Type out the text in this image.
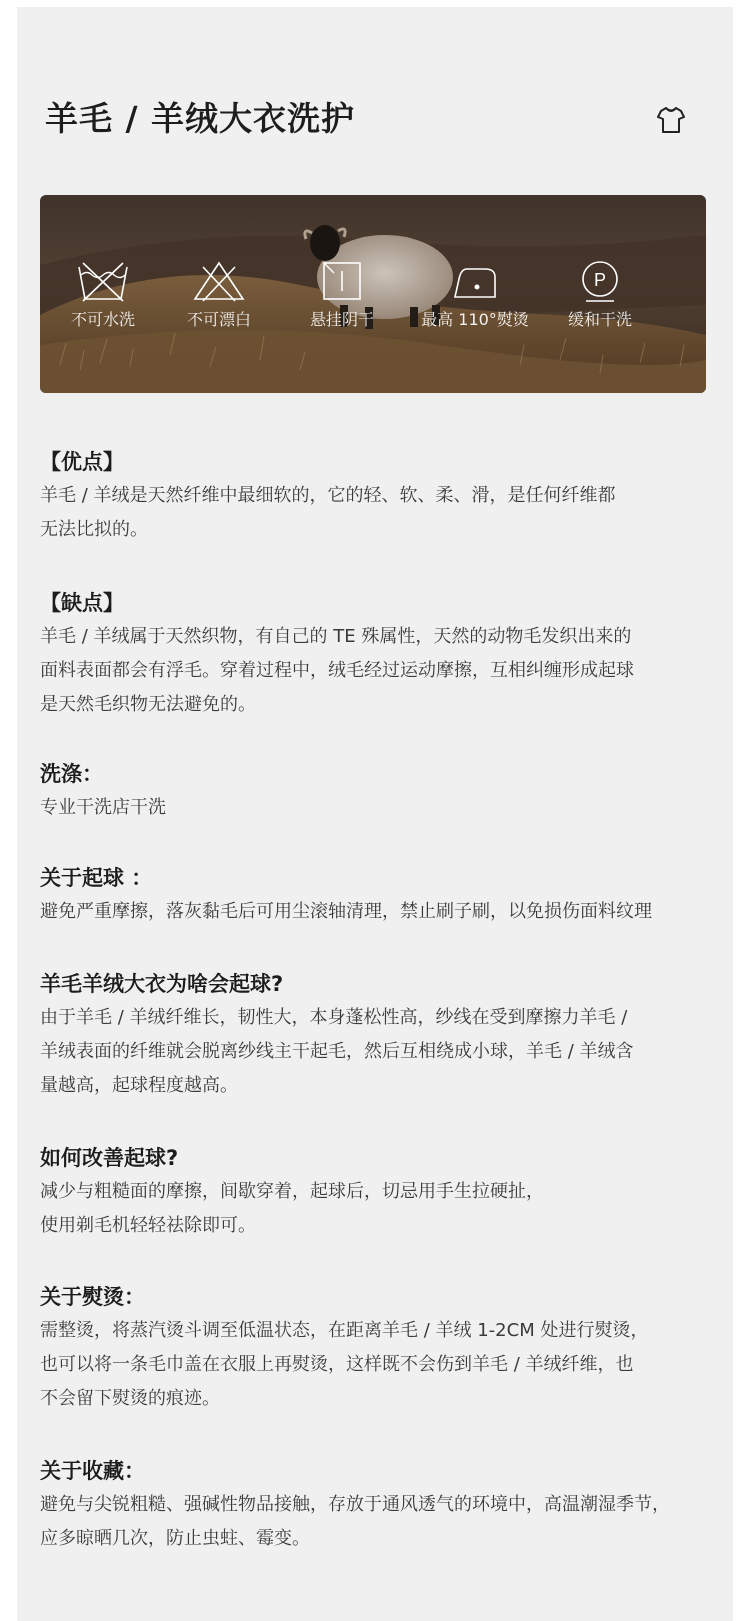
羊毛 / 羊绒大衣洗护
不可水洗	不可漂白	悬挂阴干	最高 110°熨烫
P
缓和干洗

【优点】

羊毛 / 羊绒是天然纤维中最细软的，它的轻、软、柔、滑，是任何纤维都
无法比拟的。

【缺点】

羊毛 / 羊绒属于天然织物，有自己的 TE 殊属性，天然的动物毛发织出来的
面料表面都会有浮毛。穿着过程中，绒毛经过运动摩擦，互相纠缠形成起球
是天然毛织物无法避免的。

洗涤：

专业干洗店干洗

关于起球 ：

避免严重摩擦，落灰黏毛后可用尘滚轴清理，禁止刷子刷，以免损伤面料纹理

羊毛羊绒大衣为啥会起球?

由于羊毛 / 羊绒纤维长，韧性大，本身蓬松性高，纱线在受到摩擦力羊毛 /
羊绒表面的纤维就会脱离纱线主干起毛，然后互相绕成小球，羊毛 / 羊绒含
量越高，起球程度越高。

如何改善起球?

减少与粗糙面的摩擦，间歇穿着，起球后，切忌用手生拉硬扯，
使用剃毛机轻轻祛除即可。

关于熨烫：

需整烫，将蒸汽烫斗调至低温状态，在距离羊毛 / 羊绒 1-2CM 处进行熨烫，
也可以将一条毛巾盖在衣服上再熨烫，这样既不会伤到羊毛 / 羊绒纤维，也
不会留下熨烫的痕迹。

关于收藏：

避免与尖锐粗糙、强碱性物品接触，存放于通风透气的环境中，高温潮湿季节，
应多晾晒几次，防止虫蛀、霉变。
